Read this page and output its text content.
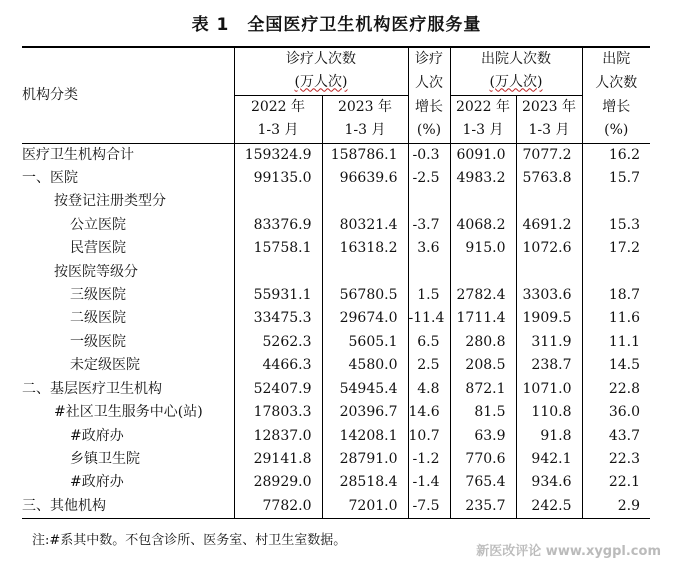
表 1 全国医疗卫生机构医疗服务量
机构分类	诊疗人次数		诊疗	出院人次数		出院
	(万人次)		人次	(万人次)		人次数
	2022 年	2023 年	增长	2022 年	2023 年	增长
	1-3 月	1-3 月	(%)	1-3 月	1-3 月	(%)
医疗卫生机构合计	159324.9	158786.1	-0.3	6091.0	7077.2	16.2
一、医院	99135.0	96639.6	-2.5	4983.2	5763.8	15.7
按登记注册类型分						
公立医院	83376.9	80321.4	-3.7	4068.2	4691.2	15.3
民营医院	15758.1	16318.2	3.6	915.0	1072.6	17.2
按医院等级分						
三级医院	55931.1	56780.5	1.5	2782.4	3303.6	18.7
二级医院	33475.3	29674.0	-11.4	1711.4	1909.5	11.6
一级医院	5262.3	5605.1	6.5	280.8	311.9	11.1
未定级医院	4466.3	4580.0	2.5	208.5	238.7	14.5
二、基层医疗卫生机构	52407.9	54945.4	4.8	872.1	1071.0	22.8
#社区卫生服务中心(站)	17803.3	20396.7	14.6	81.5	110.8	36.0
#政府办	12837.0	14208.1	10.7	63.9	91.8	43.7
乡镇卫生院	29141.8	28791.0	-1.2	770.6	942.1	22.3
#政府办	28929.0	28518.4	-1.4	765.4	934.6	22.1
三、其他机构	7782.0	7201.0	-7.5	235.7	242.5	2.9
注:#系其中数。不包含诊所、医务室、村卫生室数据。
新医改评论 www.xygpl.com
